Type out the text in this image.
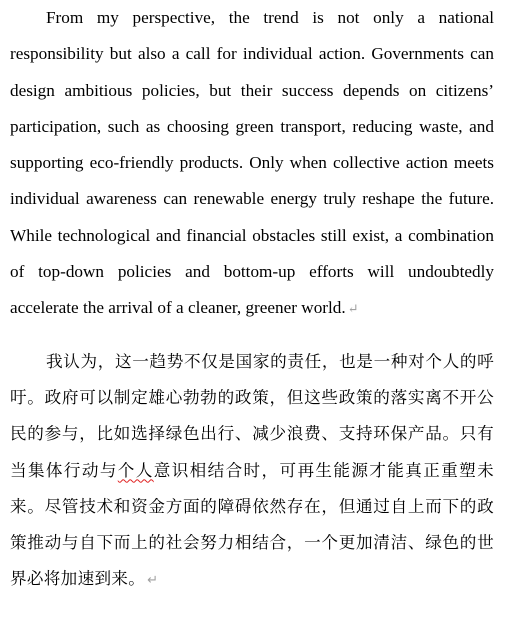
From my perspective, the trend is not only a national responsibility but also a call for individual action. Governments can design ambitious policies, but their success depends on citizens’ participation, such as choosing green transport, reducing waste, and supporting eco-friendly products. Only when collective action meets individual awareness can renewable energy truly reshape the future. While technological and financial obstacles still exist, a combination of top-down policies and bottom-up efforts will undoubtedly accelerate the arrival of a cleaner, greener world. ↵

我认为，这一趋势不仅是国家的责任，也是一种对个人的呼吁。政府可以制定雄心勃勃的政策，但这些政策的落实离不开公民的参与，比如选择绿色出行、减少浪费、支持环保产品。只有当集体行动与个人意识相结合时，可再生能源才能真正重塑未来。尽管技术和资金方面的障碍依然存在，但通过自上而下的政策推动与自下而上的社会努力相结合，一个更加清洁、绿色的世界必将加速到来。 ↵
